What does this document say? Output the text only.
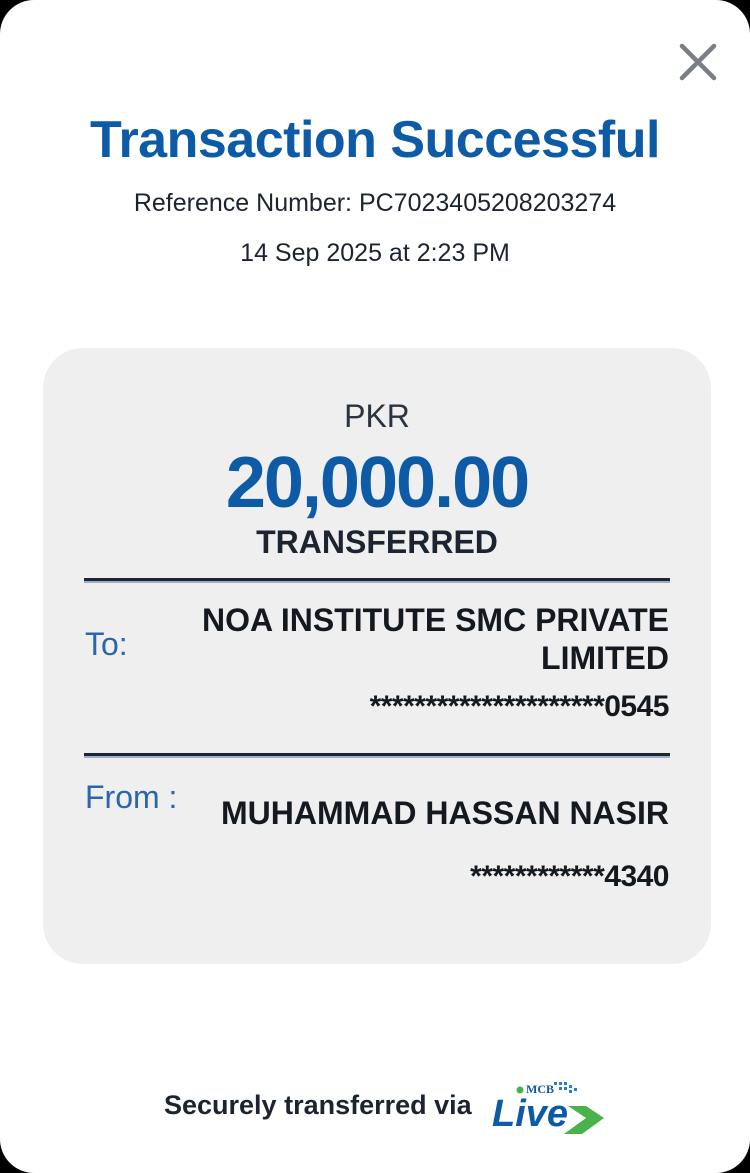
Transaction Successful
Reference Number: PC7023405208203274
14 Sep 2025 at 2:23 PM
PKR
20,000.00
TRANSFERRED
To:
NOA INSTITUTE SMC PRIVATE LIMITED
*********************0545
From :	MUHAMMAD HASSAN NASIR
************4340
Securely transferred via
MCB
Live
